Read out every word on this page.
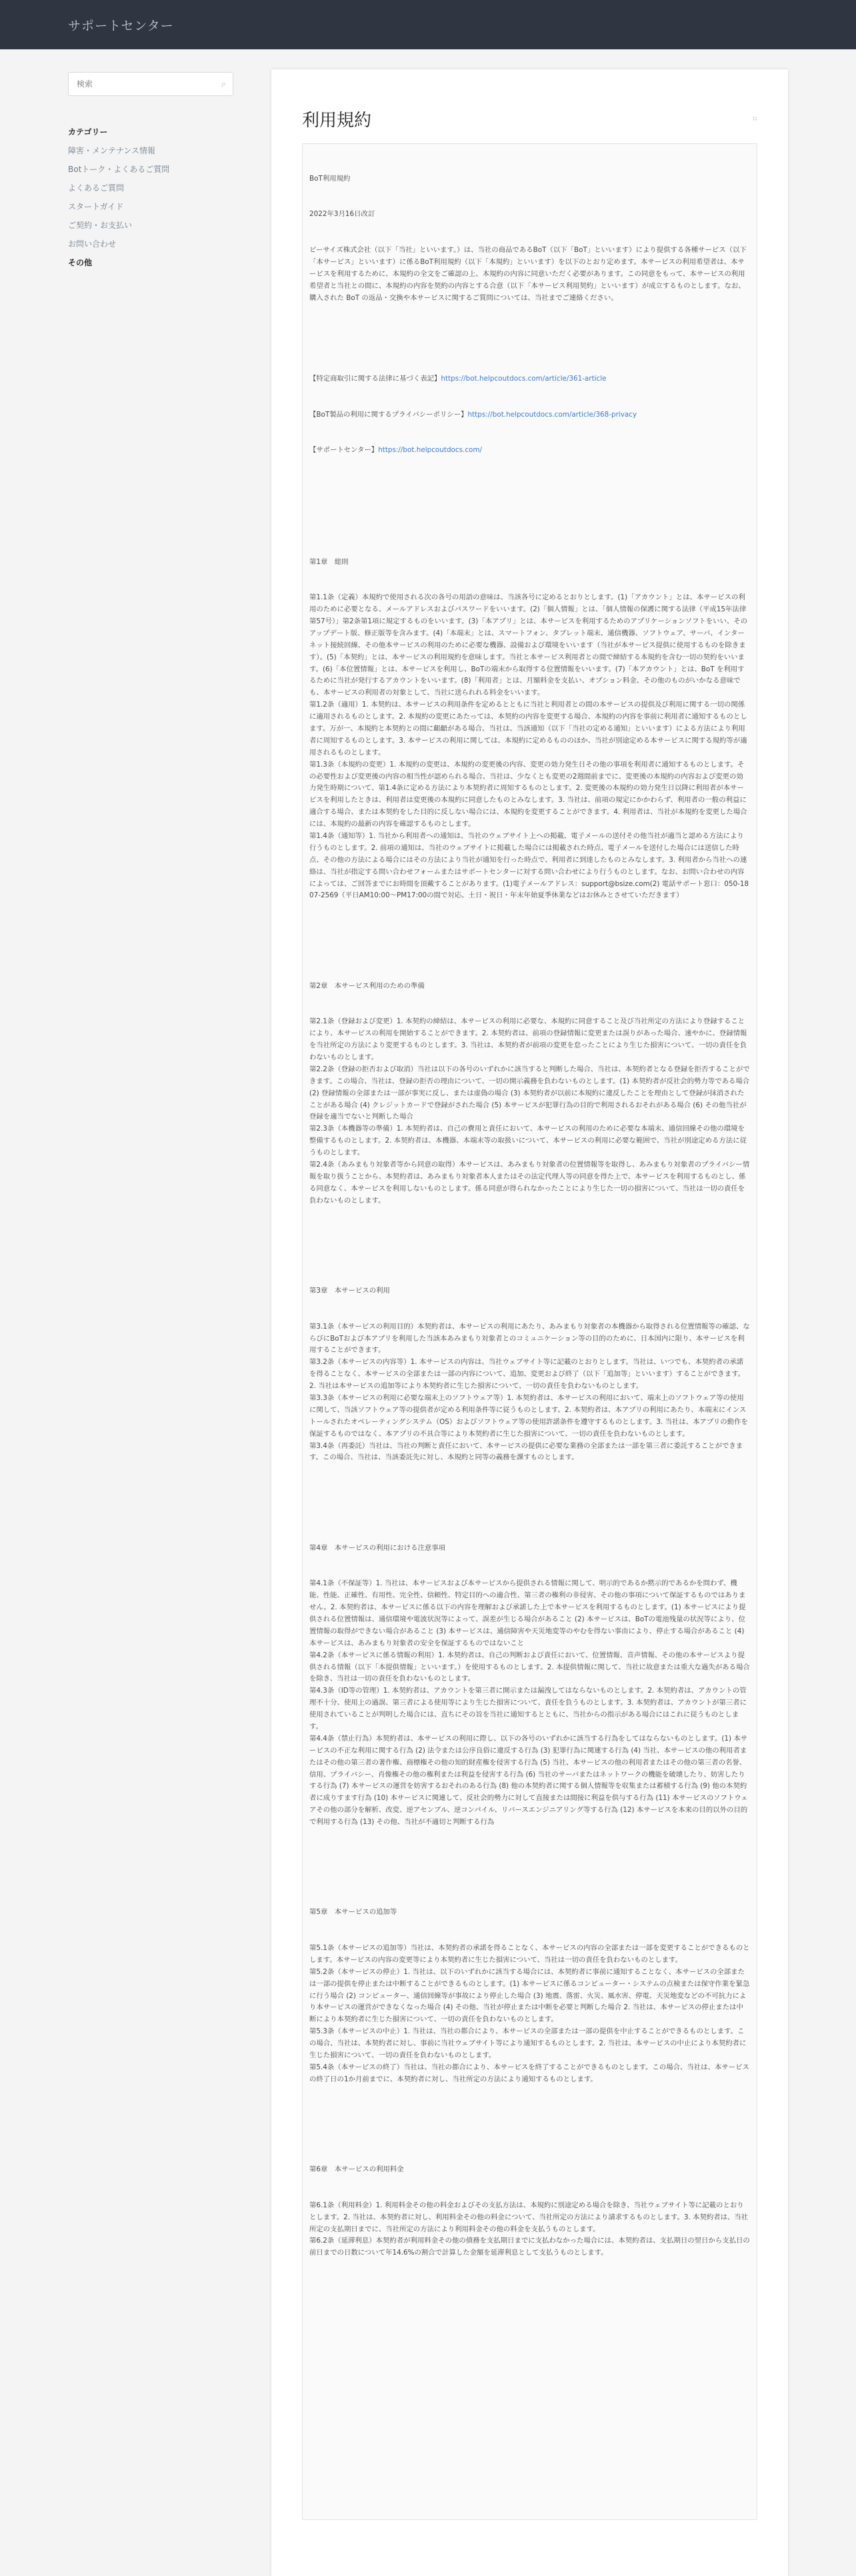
サポートセンター
検索
⌕
カテゴリー
障害・メンテナンス情報
Botトーク・よくあるご質問
よくあるご質問
スタートガイド
ご契約・お支払い
お問い合わせ
その他
利用規約	⌗

BoT利用規約

2022年3月16日改訂

ビーサイズ株式会社（以下「当社」といいます。）は、当社の商品であるBoT（以下「BoT」といいます）により提供する各種サービス（以下「本サービス」といいます）に係るBoT利用規約（以下「本規約」といいます）を以下のとおり定めます。本サービスの利用希望者は、本サービスを利用するために、本規約の全文をご確認の上、本規約の内容に同意いただく必要があります。この同意をもって、本サービスの利用希望者と当社との間に、本規約の内容を契約の内容とする合意（以下「本サービス利用契約」といいます）が成立するものとします。なお、購入された BoT の返品・交換や本サービスに関するご質問については、当社までご連絡ください。

【特定商取引に関する法律に基づく表記】https://bot.helpcoutdocs.com/article/361-article

【BoT製品の利用に関するプライバシーポリシー】https://bot.helpcoutdocs.com/article/368-privacy

【サポートセンター】https://bot.helpcoutdocs.com/

第1章　総則

第1.1条（定義）本規約で使用される次の各号の用語の意味は、当該各号に定めるとおりとします。(1)「アカウント」とは、本サービスの利用のために必要となる、メールアドレスおよびパスワードをいいます。(2)「個人情報」とは、「個人情報の保護に関する法律（平成15年法律第57号）」第2条第1項に規定するものをいいます。(3)「本アプリ」とは、本サービスを利用するためのアプリケーションソフトをいい、その アップデート版、修正版等を含みます。(4)「本端末」とは、スマートフォン、タブレット端末、通信機器、ソフトウェア、サーバ、インターネット接続回線、その他本サービスの利用のために必要な機器、設備および環境をいいます（当社が本サービス提供に使用するものを除きます）。(5)「本契約」とは、本サービスの利用規約を意味します。当社と本サービス利用者との間で締結する本規約を含む一切の契約をいいます。(6)「本位置情報」とは、本サービスを利用し、BoTの端末から取得する位置情報をいいます。(7)「本アカウント」とは、BoT を利用するために当社が発行するアカウントをいいます。(8)「利用者」とは、月額料金を支払い、オプション料金、その他のものがいかなる意味でも、本サービスの利用者の対象として、当社に送られれる料金をいいます。
第1.2条（適用）1. 本契約は、本サービスの利用条件を定めるとともに当社と利用者との間の本サービスの提供及び利用に関する一切の関係に適用されるものとします。2. 本規約の変更にあたっては、本契約の内容を変更する場合、本規約の内容を事前に利用者に通知するものとします。万が一、本規約と本契約との間に齟齬がある場合、当社は、当該通知（以下「当社の定める通知」といいます）による方法により利用者に周知するものとします。3. 本サービスの利用に関しては、本規約に定めるもののほか、当社が別途定める本サービスに関する規約等が適用されるものとします。
第1.3条（本規約の変更）1. 本規約の変更は、本規約の変更後の内容、変更の効力発生日その他の事項を利用者に通知するものとします。その必要性および変更後の内容の相当性が認められる場合、当社は、少なくとも変更の2週間前までに、変更後の本規約の内容および変更の効力発生時期について、第1.4条に定める方法により本契約者に周知するものとします。2. 変更後の本規約の効力発生日以降に利用者が本サービスを利用したときは、利用者は変更後の本規約に同意したものとみなします。3. 当社は、前項の規定にかかわらず、利用者の一般の利益に適合する場合、または本契約をした目的に反しない場合には、本規約を変更することができます。4. 利用者は、当社が本規約を変更した場合には、本規約の最新の内容を確認するものとします。
第1.4条（通知等）1. 当社から利用者への通知は、当社のウェブサイト上への掲載、電子メールの送付その他当社が適当と認める方法により行うものとします。2. 前項の通知は、当社のウェブサイトに掲載した場合には掲載された時点、電子メールを送付した場合には送信した時点、その他の方法による場合にはその方法により当社が通知を行った時点で、利用者に到達したものとみなします。3. 利用者から当社への連絡は、当社が指定する問い合わせフォームまたはサポートセンターに対する問い合わせにより行うものとします。なお、お問い合わせの内容によっては、ご回答までにお時間を頂戴することがあります。(1)電子メールアドレス：support@bsize.com(2) 電話サポート窓口：050-1807-2569（平日AM10:00〜PM17:00の間で対応。土日・祝日・年末年始夏季休業などはお休みとさせていただきます）

第2章　本サービス利用のための準備

第2.1条（登録および変更）1. 本契約の締結は、本サービスの利用に必要な、本規約に同意すること及び当社所定の方法により登録することにより、本サービスの利用を開始することができます。2. 本契約者は、前項の登録情報に変更または誤りがあった場合、速やかに、登録情報を当社所定の方法により変更するものとします。3. 当社は、本契約者が前項の変更を怠ったことにより生じた損害について、一切の責任を負わないものとします。
第2.2条（登録の拒否および取消）当社は以下の各号のいずれかに該当すると判断した場合、当社は、本契約者となる登録を拒否することができます。この場合、当社は、登録の拒否の理由について、一切の開示義務を負わないものとします。(1) 本契約者が反社会的勢力等である場合 (2) 登録情報の全部または一部が事実に反し、または虚偽の場合 (3) 本契約者が以前に本規約に違反したことを理由として登録が抹消されたことがある場合 (4) クレジットカードで登録がされた場合 (5) 本サービスが犯罪行為の目的で利用されるおそれがある場合 (6) その他当社が登録を適当でないと判断した場合
第2.3条（本機器等の準備）1. 本契約者は、自己の費用と責任において、本サービスの利用のために必要な本端末、通信回線その他の環境を整備するものとします。2. 本契約者は、本機器、本端末等の取扱いについて、本サービスの利用に必要な範囲で、当社が別途定める方法に従うものとします。
第2.4条（あみまもり対象者等から同意の取得）本サービスは、あみまもり対象者の位置情報等を取得し、あみまもり対象者のプライバシー情報を取り扱うことから、本契約者は、あみまもり対象者本人またはその法定代理人等の同意を得た上で、本サービスを利用するものとし、係る同意なく、本サービスを利用しないものとします。係る同意が得られなかったことにより生じた一切の損害について、当社は一切の責任を負わないものとします。

第3章　本サービスの利用

第3.1条（本サービスの利用目的）本契約者は、本サービスの利用にあたり、あみまもり対象者の本機器から取得される位置情報等の確認、ならびにBoTおよび本アプリを利用した当該本あみまもり対象者とのコミュニケーション等の目的のために、日本国内に限り、本サービスを利用することができます。
第3.2条（本サービスの内容等）1. 本サービスの内容は、当社ウェブサイト等に記載のとおりとします。当社は、いつでも、本契約者の承諾を得ることなく、本サービスの全部または一部の内容について、追加、変更および終了（以下「追加等」といいます）することができます。2. 当社は本サービスの追加等により本契約者に生じた損害について、一切の責任を負わないものとします。
第3.3条（本サービスの利用に必要な端末上のソフトウェア等）1. 本契約者は、本サービスの利用において、端末上のソフトウェア等の使用に関して、当該ソフトウェア等の提供者が定める利用条件等に従うものとします。2. 本契約者は、本アプリの利用にあたり、本端末にインストールされたオペレーティングシステム（OS）およびソフトウェア等の使用許諾条件を遵守するものとします。3. 当社は、本アプリの動作を保証するものではなく、本アプリの不具合等により本契約者に生じた損害について、一切の責任を負わないものとします。
第3.4条（再委託）当社は、当社の判断と責任において、本サービスの提供に必要な業務の全部または一部を第三者に委託することができます。この場合、当社は、当該委託先に対し、本規約と同等の義務を課すものとします。

第4章　本サービスの利用における注意事項

第4.1条（不保証等）1. 当社は、本サービスおよび本サービスから提供される情報に関して、明示的であるか黙示的であるかを問わず、機能、性能、正確性、有用性、完全性、信頼性、特定目的への適合性、第三者の権利の非侵害、その他の事項について保証するものではありません。2. 本契約者は、本サービスに係る以下の内容を理解および承諾した上で本サービスを利用するものとします。(1) 本サービスにより提供される位置情報は、通信環境や電波状況等によって、誤差が生じる場合があること (2) 本サービスは、BoTの電池残量の状況等により、位置情報の取得ができない場合があること (3) 本サービスは、通信障害や天災地変等のやむを得ない事由により、停止する場合があること (4) 本サービスは、あみまもり対象者の安全を保証するものではないこと
第4.2条（本サービスに係る情報の利用）1. 本契約者は、自己の判断および責任において、位置情報、音声情報、その他の本サービスより提供される情報（以下「本提供情報」といいます。）を使用するものとします。2. 本提供情報に関して、当社に故意または重大な過失がある場合を除き、当社は一切の責任を負わないものとします。
第4.3条（ID等の管理）1. 本契約者は、アカウントを第三者に開示または漏洩してはならないものとします。2. 本契約者は、アカウントの管理不十分、使用上の過誤、第三者による使用等により生じた損害について、責任を負うものとします。3. 本契約者は、アカウントが第三者に使用されていることが判明した場合には、直ちにその旨を当社に通知するとともに、当社からの指示がある場合にはこれに従うものとします。
第4.4条（禁止行為）本契約者は、本サービスの利用に際し、以下の各号のいずれかに該当する行為をしてはならないものとします。(1) 本サービスの不正な利用に関する行為 (2) 法令または公序良俗に違反する行為 (3) 犯罪行為に関連する行為 (4) 当社、本サービスの他の利用者またはその他の第三者の著作権、商標権その他の知的財産権を侵害する行為 (5) 当社、本サービスの他の利用者またはその他の第三者の名誉、信用、プライバシー、肖像権その他の権利または利益を侵害する行為 (6) 当社のサーバまたはネットワークの機能を破壊したり、妨害したりする行為 (7) 本サービスの運営を妨害するおそれのある行為 (8) 他の本契約者に関する個人情報等を収集または蓄積する行為 (9) 他の本契約者に成りすます行為 (10) 本サービスに関連して、反社会的勢力に対して直接または間接に利益を供与する行為 (11) 本サービスのソフトウェアその他の部分を解析、改変、逆アセンブル、逆コンパイル、リバースエンジニアリング等する行為 (12) 本サービスを本来の目的以外の目的で利用する行為 (13) その他、当社が不適切と判断する行為

第5章　本サービスの追加等

第5.1条（本サービスの追加等）当社は、本契約者の承諾を得ることなく、本サービスの内容の全部または一部を変更することができるものとします。本サービスの内容の変更等により本契約者に生じた損害について、当社は一切の責任を負わないものとします。
第5.2条（本サービスの停止）1. 当社は、以下のいずれかに該当する場合には、本契約者に事前に通知することなく、本サービスの全部または一部の提供を停止または中断することができるものとします。(1) 本サービスに係るコンピューター・システムの点検または保守作業を緊急に行う場合 (2) コンピューター、通信回線等が事故により停止した場合 (3) 地震、落雷、火災、風水害、停電、天災地変などの不可抗力により本サービスの運営ができなくなった場合 (4) その他、当社が停止または中断を必要と判断した場合 2. 当社は、本サービスの停止または中断により本契約者に生じた損害について、一切の責任を負わないものとします。
第5.3条（本サービスの中止）1. 当社は、当社の都合により、本サービスの全部または一部の提供を中止することができるものとします。この場合、当社は、本契約者に対し、事前に当社ウェブサイト等により通知するものとします。2. 当社は、本サービスの中止により本契約者に生じた損害について、一切の責任を負わないものとします。
第5.4条（本サービスの終了）当社は、当社の都合により、本サービスを終了することができるものとします。この場合、当社は、本サービスの終了日の1か月前までに、本契約者に対し、当社所定の方法により通知するものとします。

第6章　本サービスの利用料金

第6.1条（利用料金）1. 利用料金その他の料金およびその支払方法は、本規約に別途定める場合を除き、当社ウェブサイト等に記載のとおりとします。2. 当社は、本契約者に対し、利用料金その他の料金について、当社所定の方法により請求するものとします。3. 本契約者は、当社所定の支払期日までに、当社所定の方法により利用料金その他の料金を支払うものとします。
第6.2条（延滞利息）本契約者が利用料金その他の債務を支払期日までに支払わなかった場合には、本契約者は、支払期日の翌日から支払日の前日までの日数について年14.6%の割合で計算した金額を延滞利息として支払うものとします。
